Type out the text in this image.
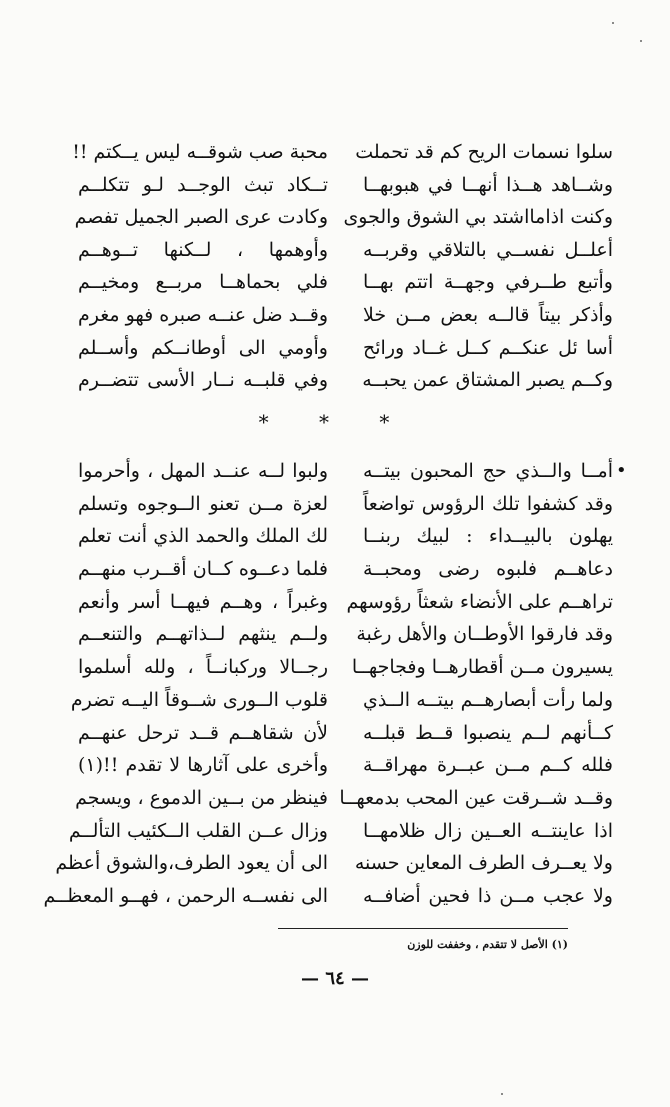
سلوا نسمات الريح كم قد تحملت
محبة صب شوقــه ليس يــكتم !!
وشــاهد هــذا أنهــا في هبوبهــا
تــكاد تبث الوجــد لـو تتكلــم
وكنت اذامااشتد بي الشوق والجوى
وكادت عرى الصبر الجميل تفصم
أعلــل نفســي بالتلاقي وقربــه
وأوهمها ، لــكنها تــوهــم
وأتبع طــرفي وجهــة اتتم بهــا
فلي بحماهــا مربــع ومخيــم
وأذكر بيتاً قالــه بعض مــن خلا
وقــد ضل عنــه صبره فهو مغرم
أسا ئل عنكــم كــل غــاد ورائح
وأومي الى أوطانــكم وأســلم
وكــم يصبر المشتاق عمن يحبــه
وفي قلبــه نــار الأسى تتضــرم
* * *
•
أمــا والــذي حج المحبون بيتــه
ولبوا لــه عنــد المهل ، وأحرموا
وقد كشفوا تلك الرؤوس تواضعاً
لعزة مــن تعنو الــوجوه وتسلم
يهلون بالبيــداء : لبيك ربنــا
لك الملك والحمد الذي أنت تعلم
دعاهــم فلبوه رضى ومحبــة
فلما دعــوه كــان أقــرب منهــم
تراهــم على الأنضاء شعثاً رؤوسهم
وغبراً ، وهــم فيهــا أسر وأنعم
وقد فارقوا الأوطــان والأهل رغبة
ولــم ينثهم لــذاتهــم والتنعــم
يسيرون مــن أقطارهــا وفجاجهــا
رجــالا وركبانــاً ، ولله أسلموا
ولما رأت أبصارهــم بيتــه الــذي
قلوب الــورى شــوقاً اليــه تضرم
كــأنهم لــم ينصبوا قــط قبلــه
لأن شقاهــم قــد ترحل عنهــم
فلله كــم مــن عبــرة مهراقــة
وأخرى على آثارها لا تقدم !!(١)
وقــد شــرقت عين المحب بدمعهــا
فينظر من بــين الدموع ، ويسجم
اذا عاينتــه العــين زال ظلامهــا
وزال عــن القلب الــكئيب التألــم
ولا يعــرف الطرف المعاين حسنه
الى أن يعود الطرف،والشوق أعظم
ولا عجب مــن ذا فحين أضافــه
الى نفســه الرحمن ، فهــو المعظــم
(١) الأصل لا تتقدم ، وخففت للوزن
— ٦٤ —
